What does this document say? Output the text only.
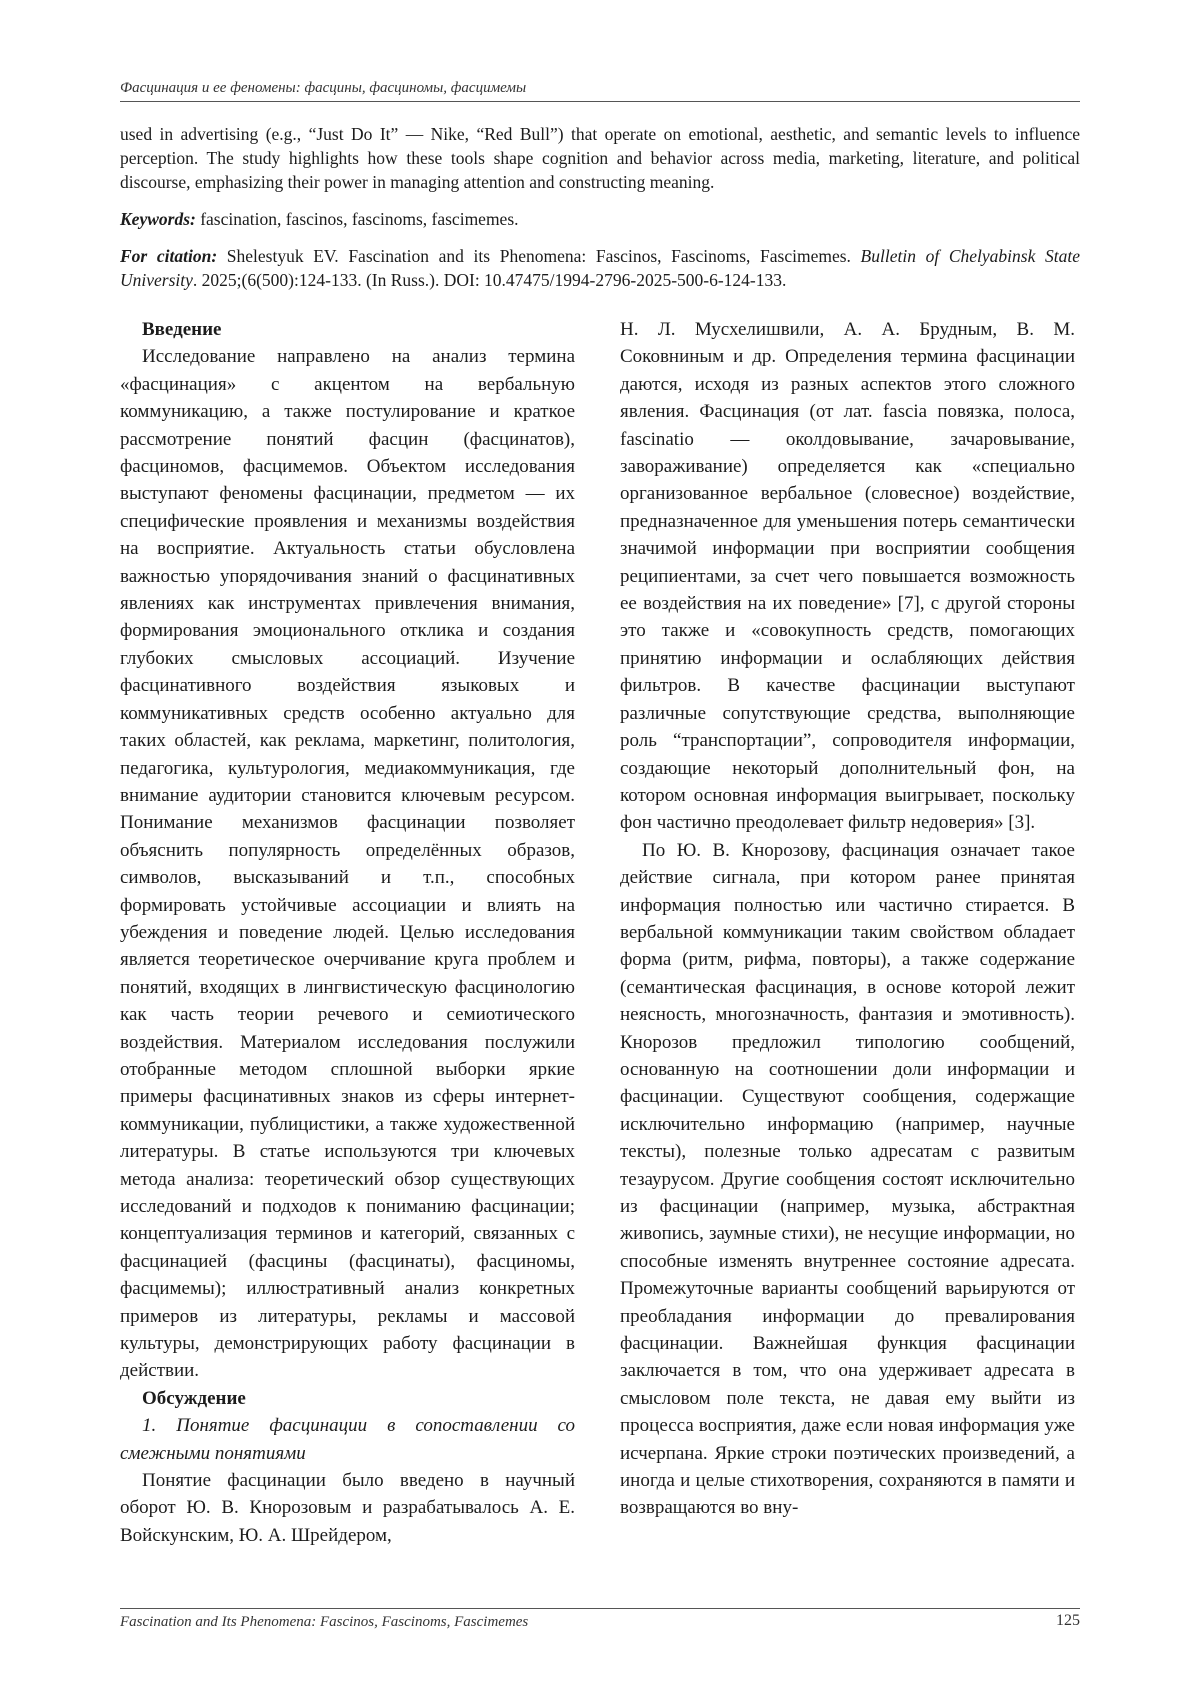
Фасцинация и ее феномены: фасцины, фасциномы, фасцимемы

used in advertising (e.g., “Just Do It” — Nike, “Red Bull”) that operate on emotional, aesthetic, and semantic levels to influence perception. The study highlights how these tools shape cognition and behavior across media, marketing, literature, and political discourse, emphasizing their power in managing attention and constructing meaning.

Keywords: fascination, fascinos, fascinoms, fascimemes.

For citation: Shelestyuk EV. Fascination and its Phenomena: Fascinos, Fascinoms, Fascimemes. Bulletin of Chelyabinsk State University. 2025;(6(500):124-133. (In Russ.). DOI: 10.47475/1994-2796-2025-500-6-124-133.

Введение

Исследование направлено на анализ термина «фасцинация» с акцентом на вербальную коммуникацию, а также постулирование и краткое рассмотрение понятий фасцин (фасцинатов), фасциномов, фасцимемов. Объектом исследования выступают феномены фасцинации, предметом — их специфические проявления и механизмы воздействия на восприятие. Актуальность статьи обусловлена важностью упорядочивания знаний о фасцинативных явлениях как инструментах привлечения внимания, формирования эмоционального отклика и создания глубоких смысловых ассоциаций. Изучение фасцинативного воздействия языковых и коммуникативных средств особенно актуально для таких областей, как реклама, маркетинг, политология, педагогика, культурология, медиакоммуникация, где внимание аудитории становится ключевым ресурсом. Понимание механизмов фасцинации позволяет объяснить популярность определённых образов, символов, высказываний и т.п., способных формировать устойчивые ассоциации и влиять на убеждения и поведение людей. Целью исследования является теоретическое очерчивание круга проблем и понятий, входящих в лингвистическую фасцинологию как часть теории речевого и семиотического воздействия. Материалом исследования послужили отобранные методом сплошной выборки яркие примеры фасцинативных знаков из сферы интернет-коммуникации, публицистики, а также художественной литературы. В статье используются три ключевых метода анализа: теоретический обзор существующих исследований и подходов к пониманию фасцинации; концептуализация терминов и категорий, связанных с фасцинацией (фасцины (фасцинаты), фасциномы, фасцимемы); иллюстративный анализ конкретных примеров из литературы, рекламы и массовой культуры, демонстрирующих работу фасцинации в действии.

Обсуждение

1. Понятие фасцинации в сопоставлении со смежными понятиями

Понятие фасцинации было введено в научный оборот Ю. В. Кнорозовым и разрабатывалось А. Е. Войскунским, Ю. А. Шрейдером,

Н. Л. Мусхелишвили, А. А. Брудным, В. М. Соковниным и др. Определения термина фасцинации даются, исходя из разных аспектов этого сложного явления. Фасцинация (от лат. fascia повязка, полоса, fascinatio — околдовывание, зачаровывание, завораживание) определяется как «специально организованное вербальное (словесное) воздействие, предназначенное для уменьшения потерь семантически значимой информации при восприятии сообщения реципиентами, за счет чего повышается возможность ее воздействия на их поведение» [7], с другой стороны это также и «совокупность средств, помогающих принятию информации и ослабляющих действия фильтров. В качестве фасцинации выступают различные сопутствующие средства, выполняющие роль “транспортации”, сопроводителя информации, создающие некоторый дополнительный фон, на котором основная информация выигрывает, поскольку фон частично преодолевает фильтр недоверия» [3].

По Ю. В. Кнорозову, фасцинация означает такое действие сигнала, при котором ранее принятая информация полностью или частично стирается. В вербальной коммуникации таким свойством обладает форма (ритм, рифма, повторы), а также содержание (семантическая фасцинация, в основе которой лежит неясность, многозначность, фантазия и эмотивность). Кнорозов предложил типологию сообщений, основанную на соотношении доли информации и фасцинации. Существуют сообщения, содержащие исключительно информацию (например, научные тексты), полезные только адресатам с развитым тезаурусом. Другие сообщения состоят исключительно из фасцинации (например, музыка, абстрактная живопись, заумные стихи), не несущие информации, но способные изменять внутреннее состояние адресата. Промежуточные варианты сообщений варьируются от преобладания информации до превалирования фасцинации. Важнейшая функция фасцинации заключается в том, что она удерживает адресата в смысловом поле текста, не давая ему выйти из процесса восприятия, даже если новая информация уже исчерпана. Яркие строки поэтических произведений, а иногда и целые стихотворения, сохраняются в памяти и возвращаются во вну-

Fascination and Its Phenomena: Fascinos, Fascinoms, Fascimemes	125
